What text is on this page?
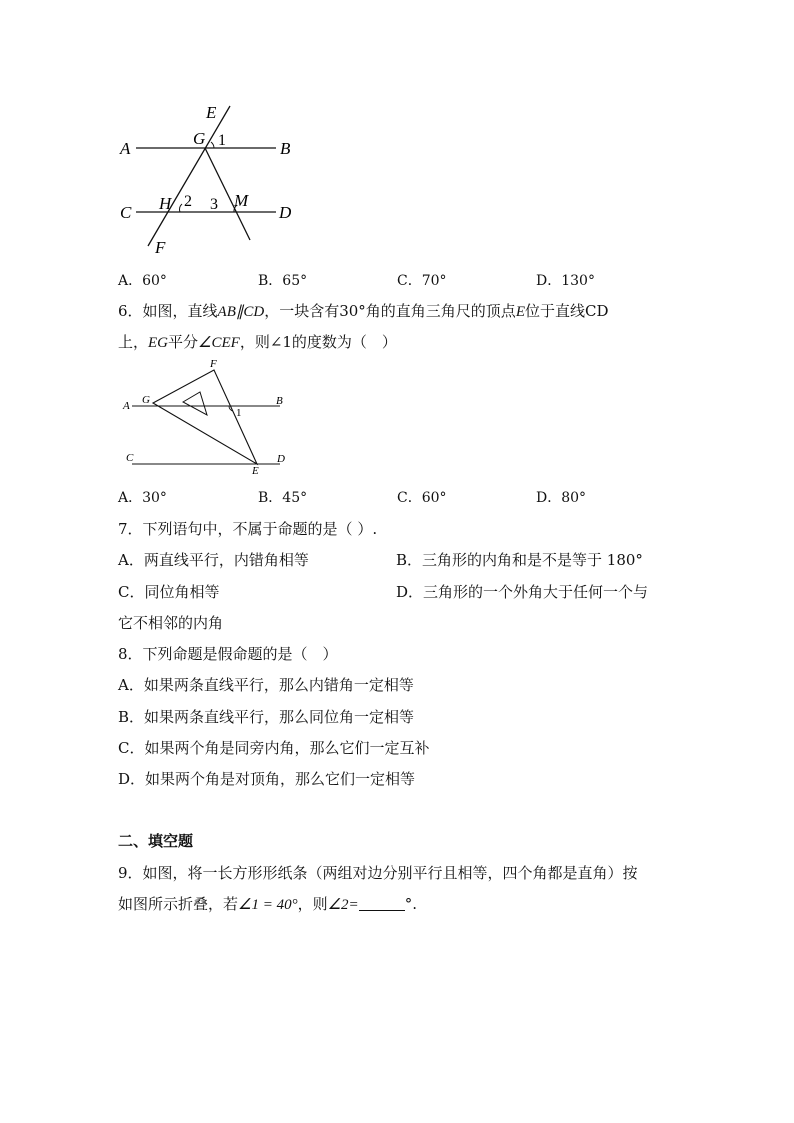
E
G 1
A	B
C H 2 3 M
D
F
A．60°	B．65°	C．70°	D．130°
6．如图，直线AB∥CD，一块含有30°角的直角三角尺的顶点E位于直线CD
上，EG平分∠CEF，则∠1的度数为（　）
F
A G	B
1
C
E
D
A．30°	B．45°	C．60°	D．80°
7．下列语句中，不属于命题的是（ ）.
A．两直线平行，内错角相等	B．三角形的内角和是不是等于 180°
C．同位角相等	D．三角形的一个外角大于任何一个与
它不相邻的内角
8．下列命题是假命题的是（　）
A．如果两条直线平行，那么内错角一定相等
B．如果两条直线平行，那么同位角一定相等
C．如果两个角是同旁内角，那么它们一定互补
D．如果两个角是对顶角，那么它们一定相等
二、填空题
9．如图，将一长方形形纸条（两组对边分别平行且相等，四个角都是直角）按
如图所示折叠，若∠1 = 40°，则∠2=	°.
